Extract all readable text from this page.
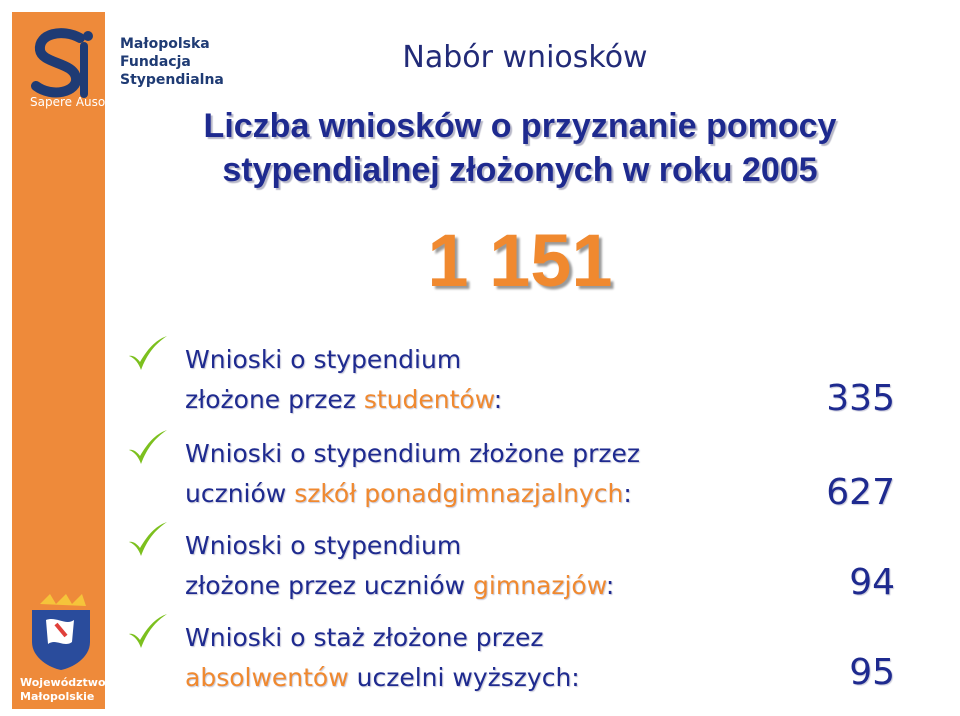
Małopolska
Fundacja
Stypendialna
Sapere Auso
Województwo
Małopolskie
Nabór wniosków
Liczba wniosków o przyznanie pomocy
stypendialnej złożonych w roku 2005
1 151
Wnioski o stypendium
złożone przez studentów:	335
Wnioski o stypendium złożone przez
uczniów szkół ponadgimnazjalnych:	627
Wnioski o stypendium
złożone przez uczniów gimnazjów:	94
Wnioski o staż złożone przez
absolwentów uczelni wyższych:	95
